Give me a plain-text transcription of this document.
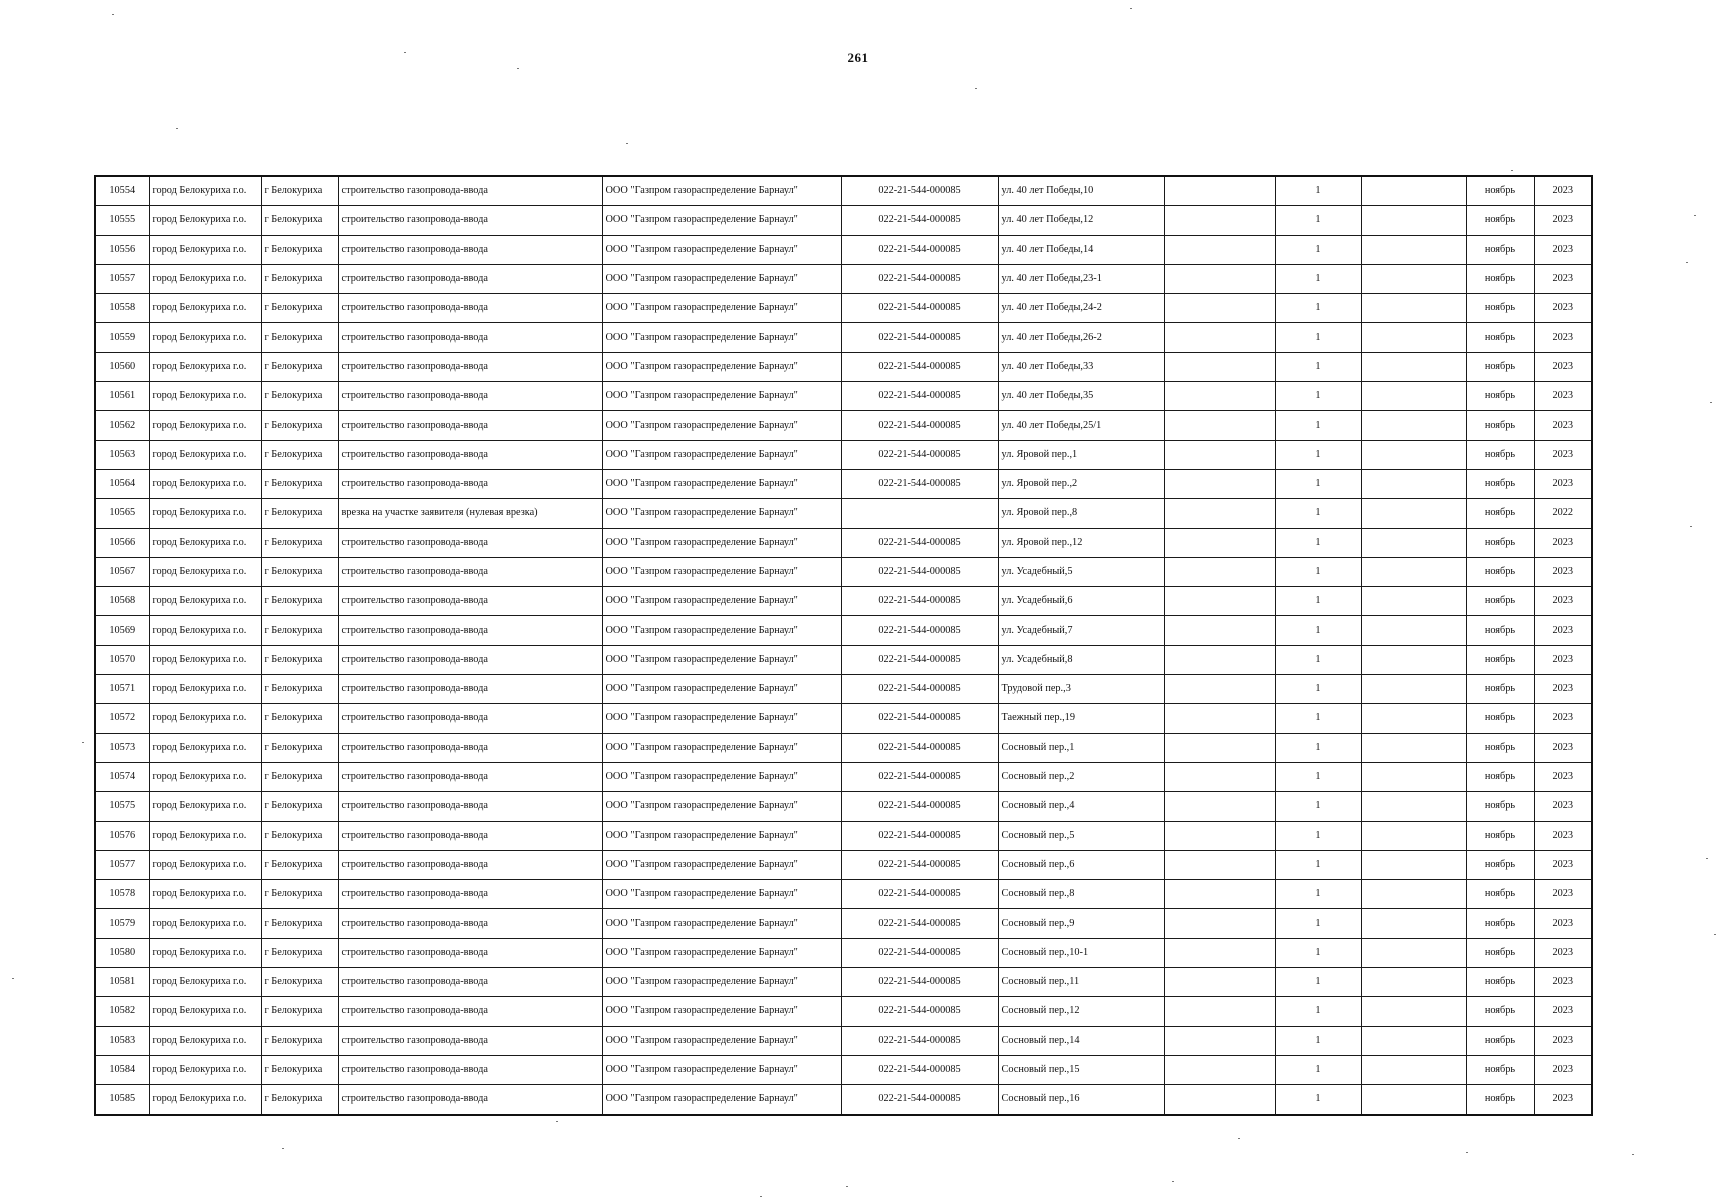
261
10554	город Белокуриха г.о.	г Белокуриха	строительство газопровода-ввода	ООО "Газпром газораспределение Барнаул"	022-21-544-000085	ул. 40 лет Победы,10		1		ноябрь	2023
10555	город Белокуриха г.о.	г Белокуриха	строительство газопровода-ввода	ООО "Газпром газораспределение Барнаул"	022-21-544-000085	ул. 40 лет Победы,12		1		ноябрь	2023
10556	город Белокуриха г.о.	г Белокуриха	строительство газопровода-ввода	ООО "Газпром газораспределение Барнаул"	022-21-544-000085	ул. 40 лет Победы,14		1		ноябрь	2023
10557	город Белокуриха г.о.	г Белокуриха	строительство газопровода-ввода	ООО "Газпром газораспределение Барнаул"	022-21-544-000085	ул. 40 лет Победы,23-1		1		ноябрь	2023
10558	город Белокуриха г.о.	г Белокуриха	строительство газопровода-ввода	ООО "Газпром газораспределение Барнаул"	022-21-544-000085	ул. 40 лет Победы,24-2		1		ноябрь	2023
10559	город Белокуриха г.о.	г Белокуриха	строительство газопровода-ввода	ООО "Газпром газораспределение Барнаул"	022-21-544-000085	ул. 40 лет Победы,26-2		1		ноябрь	2023
10560	город Белокуриха г.о.	г Белокуриха	строительство газопровода-ввода	ООО "Газпром газораспределение Барнаул"	022-21-544-000085	ул. 40 лет Победы,33		1		ноябрь	2023
10561	город Белокуриха г.о.	г Белокуриха	строительство газопровода-ввода	ООО "Газпром газораспределение Барнаул"	022-21-544-000085	ул. 40 лет Победы,35		1		ноябрь	2023
10562	город Белокуриха г.о.	г Белокуриха	строительство газопровода-ввода	ООО "Газпром газораспределение Барнаул"	022-21-544-000085	ул. 40 лет Победы,25/1		1		ноябрь	2023
10563	город Белокуриха г.о.	г Белокуриха	строительство газопровода-ввода	ООО "Газпром газораспределение Барнаул"	022-21-544-000085	ул. Яровой пер.,1		1		ноябрь	2023
10564	город Белокуриха г.о.	г Белокуриха	строительство газопровода-ввода	ООО "Газпром газораспределение Барнаул"	022-21-544-000085	ул. Яровой пер.,2		1		ноябрь	2023
10565	город Белокуриха г.о.	г Белокуриха	врезка на участке заявителя (нулевая врезка)	ООО "Газпром газораспределение Барнаул"		ул. Яровой пер.,8		1		ноябрь	2022
10566	город Белокуриха г.о.	г Белокуриха	строительство газопровода-ввода	ООО "Газпром газораспределение Барнаул"	022-21-544-000085	ул. Яровой пер.,12		1		ноябрь	2023
10567	город Белокуриха г.о.	г Белокуриха	строительство газопровода-ввода	ООО "Газпром газораспределение Барнаул"	022-21-544-000085	ул. Усадебный,5		1		ноябрь	2023
10568	город Белокуриха г.о.	г Белокуриха	строительство газопровода-ввода	ООО "Газпром газораспределение Барнаул"	022-21-544-000085	ул. Усадебный,6		1		ноябрь	2023
10569	город Белокуриха г.о.	г Белокуриха	строительство газопровода-ввода	ООО "Газпром газораспределение Барнаул"	022-21-544-000085	ул. Усадебный,7		1		ноябрь	2023
10570	город Белокуриха г.о.	г Белокуриха	строительство газопровода-ввода	ООО "Газпром газораспределение Барнаул"	022-21-544-000085	ул. Усадебный,8		1		ноябрь	2023
10571	город Белокуриха г.о.	г Белокуриха	строительство газопровода-ввода	ООО "Газпром газораспределение Барнаул"	022-21-544-000085	Трудовой пер.,3		1		ноябрь	2023
10572	город Белокуриха г.о.	г Белокуриха	строительство газопровода-ввода	ООО "Газпром газораспределение Барнаул"	022-21-544-000085	Таежный пер.,19		1		ноябрь	2023
10573	город Белокуриха г.о.	г Белокуриха	строительство газопровода-ввода	ООО "Газпром газораспределение Барнаул"	022-21-544-000085	Сосновый пер.,1		1		ноябрь	2023
10574	город Белокуриха г.о.	г Белокуриха	строительство газопровода-ввода	ООО "Газпром газораспределение Барнаул"	022-21-544-000085	Сосновый пер.,2		1		ноябрь	2023
10575	город Белокуриха г.о.	г Белокуриха	строительство газопровода-ввода	ООО "Газпром газораспределение Барнаул"	022-21-544-000085	Сосновый пер.,4		1		ноябрь	2023
10576	город Белокуриха г.о.	г Белокуриха	строительство газопровода-ввода	ООО "Газпром газораспределение Барнаул"	022-21-544-000085	Сосновый пер.,5		1		ноябрь	2023
10577	город Белокуриха г.о.	г Белокуриха	строительство газопровода-ввода	ООО "Газпром газораспределение Барнаул"	022-21-544-000085	Сосновый пер.,6		1		ноябрь	2023
10578	город Белокуриха г.о.	г Белокуриха	строительство газопровода-ввода	ООО "Газпром газораспределение Барнаул"	022-21-544-000085	Сосновый пер.,8		1		ноябрь	2023
10579	город Белокуриха г.о.	г Белокуриха	строительство газопровода-ввода	ООО "Газпром газораспределение Барнаул"	022-21-544-000085	Сосновый пер.,9		1		ноябрь	2023
10580	город Белокуриха г.о.	г Белокуриха	строительство газопровода-ввода	ООО "Газпром газораспределение Барнаул"	022-21-544-000085	Сосновый пер.,10-1		1		ноябрь	2023
10581	город Белокуриха г.о.	г Белокуриха	строительство газопровода-ввода	ООО "Газпром газораспределение Барнаул"	022-21-544-000085	Сосновый пер.,11		1		ноябрь	2023
10582	город Белокуриха г.о.	г Белокуриха	строительство газопровода-ввода	ООО "Газпром газораспределение Барнаул"	022-21-544-000085	Сосновый пер.,12		1		ноябрь	2023
10583	город Белокуриха г.о.	г Белокуриха	строительство газопровода-ввода	ООО "Газпром газораспределение Барнаул"	022-21-544-000085	Сосновый пер.,14		1		ноябрь	2023
10584	город Белокуриха г.о.	г Белокуриха	строительство газопровода-ввода	ООО "Газпром газораспределение Барнаул"	022-21-544-000085	Сосновый пер.,15		1		ноябрь	2023
10585	город Белокуриха г.о.	г Белокуриха	строительство газопровода-ввода	ООО "Газпром газораспределение Барнаул"	022-21-544-000085	Сосновый пер.,16		1		ноябрь	2023
